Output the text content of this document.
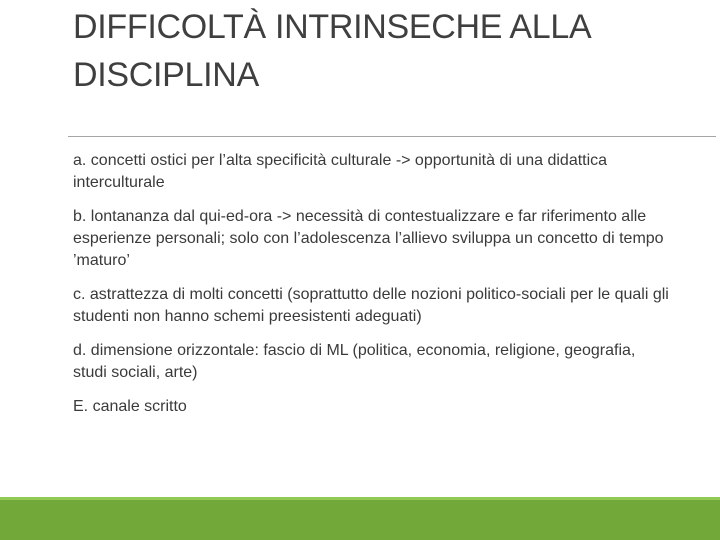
DIFFICOLTÀ INTRINSECHE ALLA DISCIPLINA
a. concetti ostici per l’alta specificità culturale -> opportunità di una didattica interculturale
b. lontananza dal qui-ed-ora -> necessità di contestualizzare e far riferimento alle esperienze personali; solo con l’adolescenza l’allievo sviluppa un concetto di tempo ’maturo’
c. astrattezza di molti concetti (soprattutto delle nozioni politico-sociali per le quali gli studenti non hanno schemi preesistenti adeguati)
d. dimensione orizzontale: fascio di ML (politica, economia, religione, geografia, studi sociali, arte)
E. canale scritto
